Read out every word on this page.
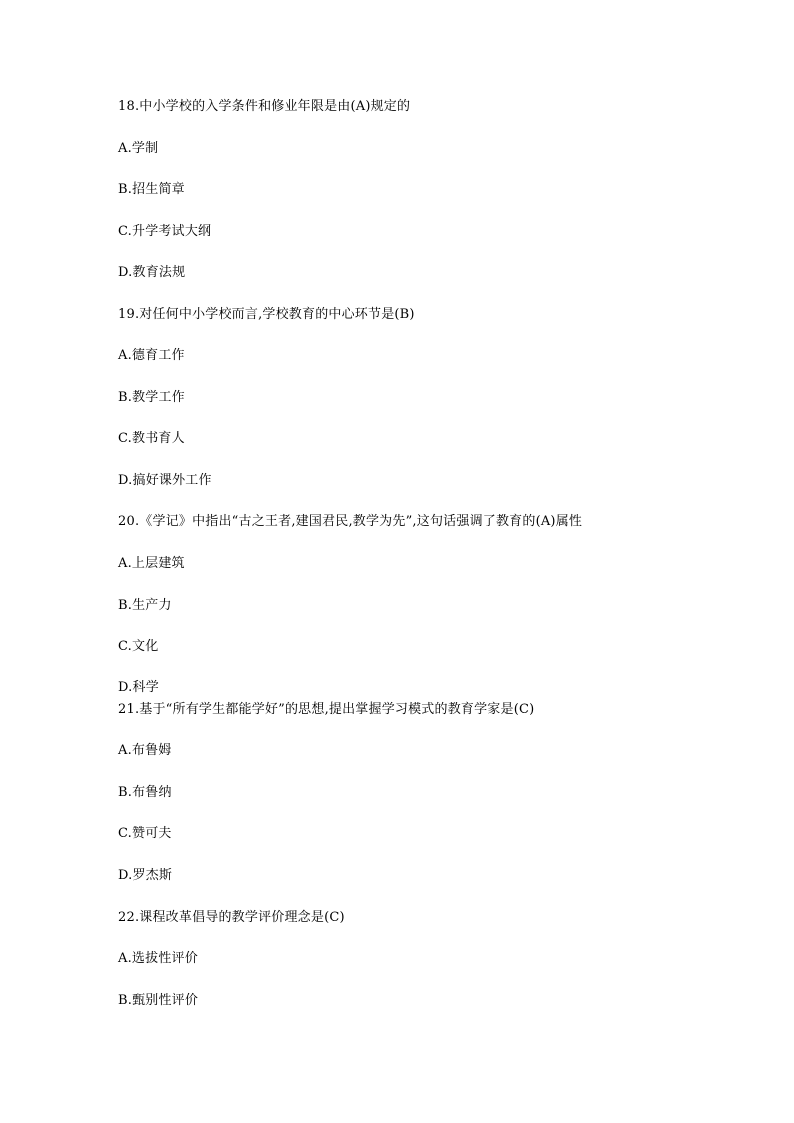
18.中小学校的入学条件和修业年限是由(A)规定的
A.学制
B.招生简章
C.升学考试大纲
D.教育法规
19.对任何中小学校而言,学校教育的中心环节是(B)
A.德育工作
B.教学工作
C.教书育人
D.搞好课外工作
20.《学记》中指出“古之王者,建国君民,教学为先”,这句话强调了教育的(A)属性
A.上层建筑
B.生产力
C.文化
D.科学
21.基于“所有学生都能学好”的思想,提出掌握学习模式的教育学家是(C)
A.布鲁姆
B.布鲁纳
C.赞可夫
D.罗杰斯
22.课程改革倡导的教学评价理念是(C)
A.选拔性评价
B.甄别性评价
